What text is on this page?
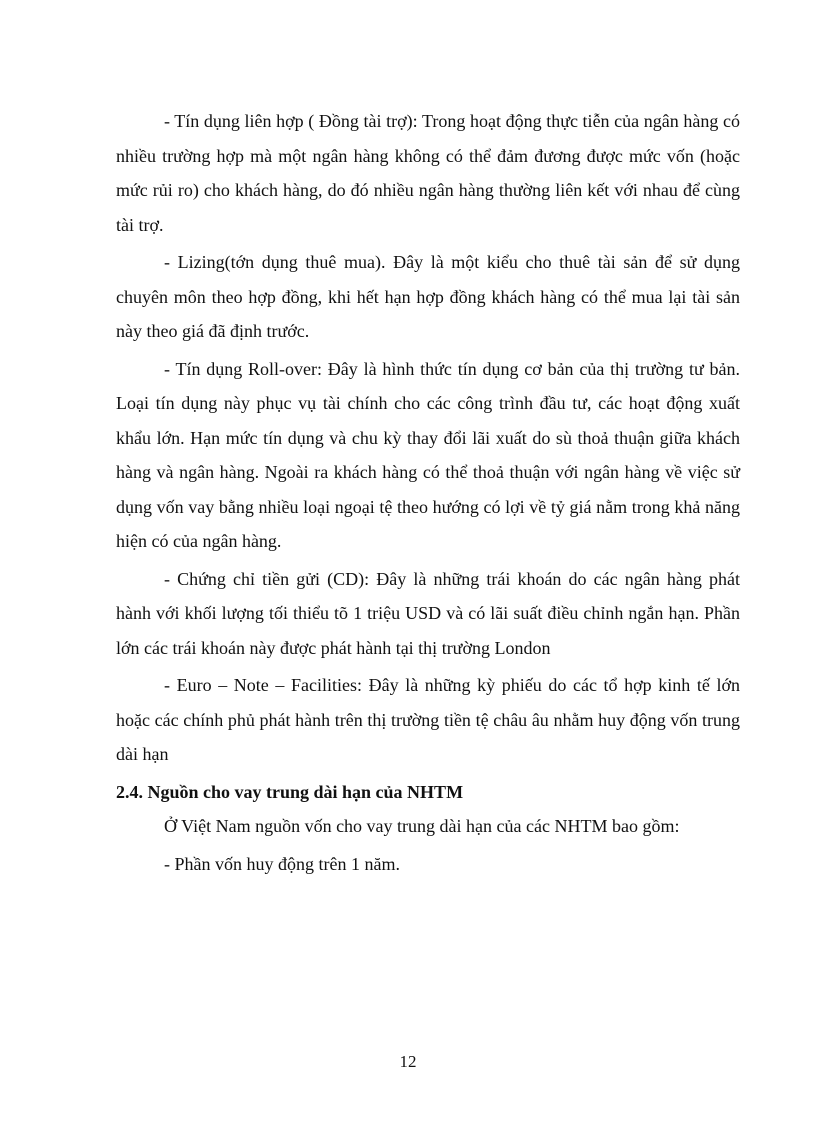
- Tín dụng liên hợp ( Đồng tài trợ): Trong hoạt động thực tiễn của ngân hàng có nhiều trường hợp mà một ngân hàng không có thể đảm đương được mức vốn (hoặc mức rủi ro) cho khách hàng, do đó nhiều ngân hàng thường liên kết với nhau để cùng tài trợ.

- Lizing(tớn dụng thuê mua). Đây là một kiểu cho thuê tài sản để sử dụng chuyên môn theo hợp đồng, khi hết hạn hợp đồng khách hàng có thể mua lại tài sản này theo giá đã định trước.

- Tín dụng Roll-over: Đây là hình thức tín dụng cơ bản của thị trường tư bản. Loại tín dụng này phục vụ tài chính cho các công trình đầu tư, các hoạt động xuất khẩu lớn. Hạn mức tín dụng và chu kỳ thay đổi lãi xuất do sù thoả thuận giữa khách hàng và ngân hàng. Ngoài ra khách hàng có thể thoả thuận với ngân hàng về việc sử dụng vốn vay bằng nhiều loại ngoại tệ theo hướng có lợi về tỷ giá nằm trong khả năng hiện có của ngân hàng.

- Chứng chỉ tiền gửi (CD): Đây là những trái khoán do các ngân hàng phát hành với khối lượng tối thiểu tõ 1 triệu USD và có lãi suất điều chỉnh ngắn hạn. Phần lớn các trái khoán này được phát hành tại thị trường London

- Euro – Note – Facilities: Đây là những kỳ phiếu do các tổ hợp kinh tế lớn hoặc các chính phủ phát hành trên thị trường tiền tệ châu âu nhằm huy động vốn trung dài hạn

2.4. Nguồn cho vay trung dài hạn của NHTM

Ở Việt Nam nguồn vốn cho vay trung dài hạn của các NHTM bao gồm:

- Phần vốn huy động trên 1 năm.

12
